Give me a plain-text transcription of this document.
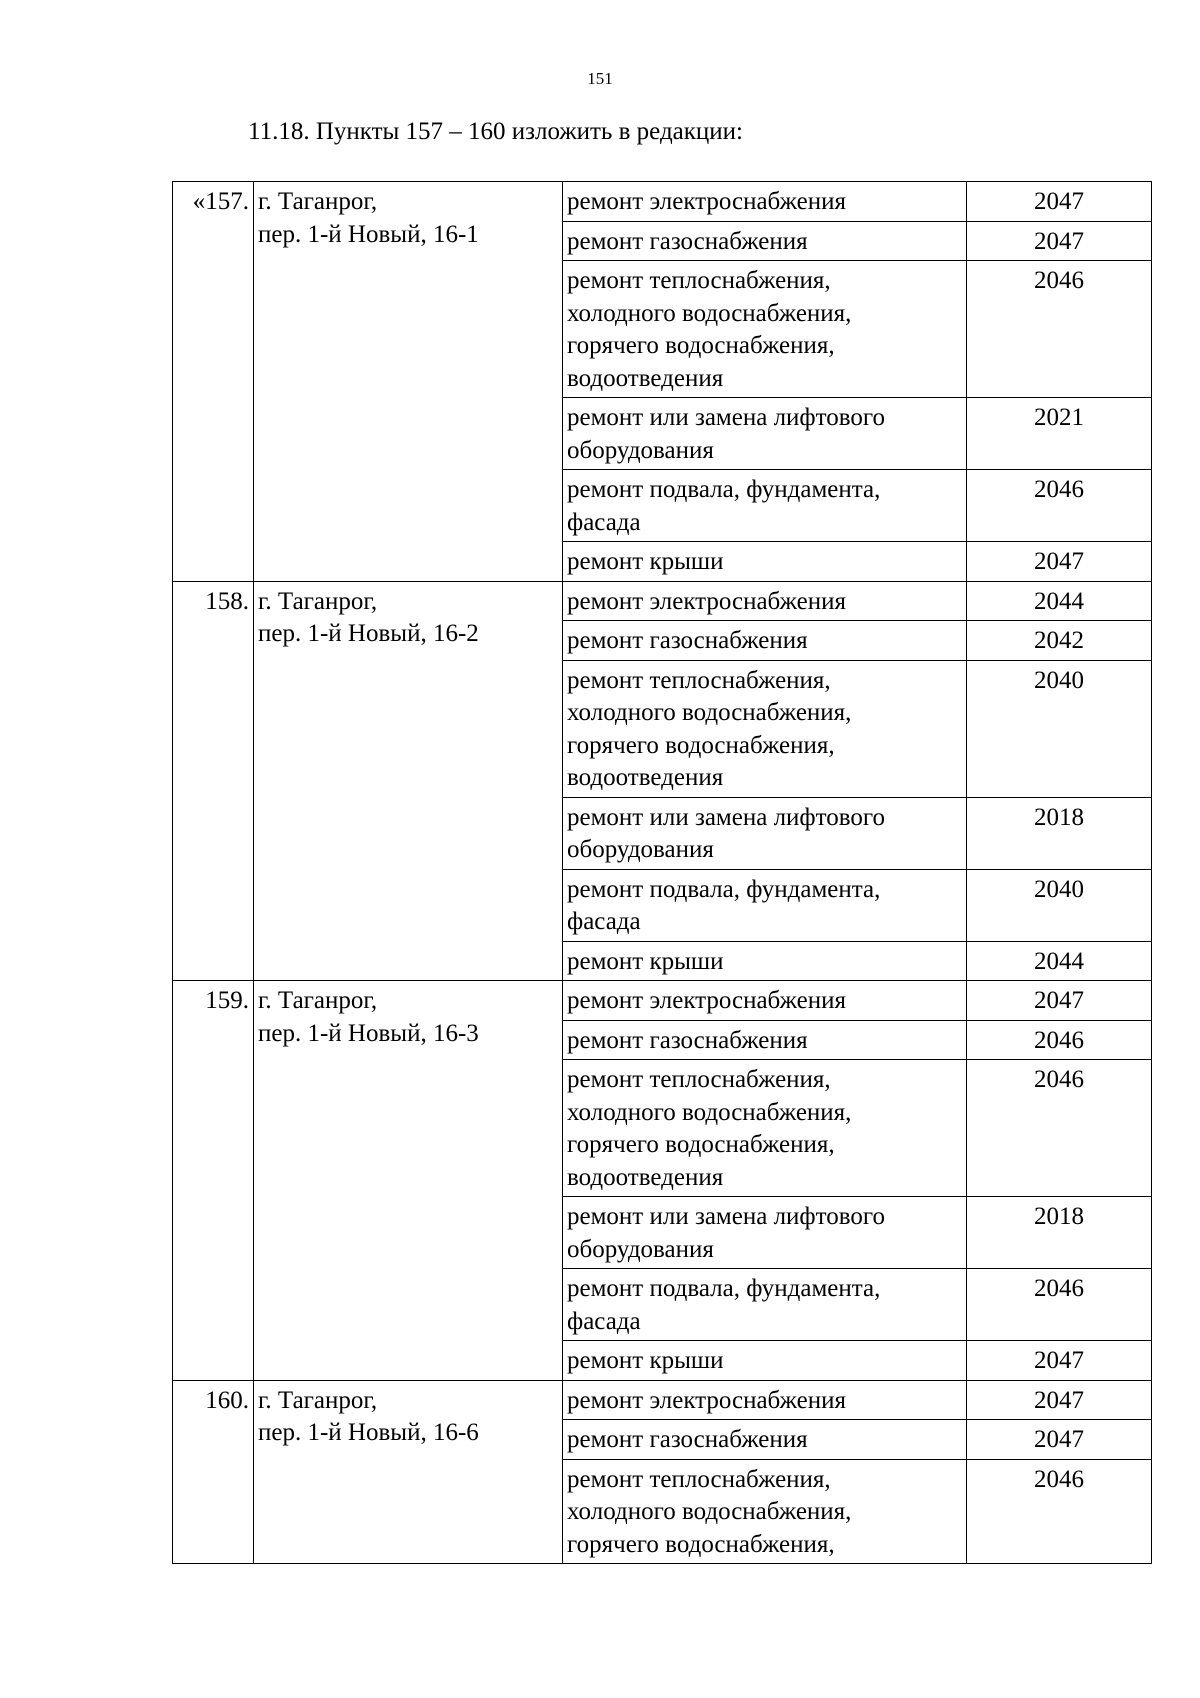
151
11.18. Пункты 157 – 160 изложить в редакции:
«157.	г. Таганрог,
пер. 1-й Новый, 16-1	ремонт электроснабжения	2047

		ремонт газоснабжения	2047

		ремонт теплоснабжения,
холодного водоснабжения,
горячего водоснабжения,
водоотведения	2046

		ремонт или замена лифтового
оборудования	2021

		ремонт подвала, фундамента,
фасада	2046

		ремонт крыши	2047
158.	г. Таганрог,
пер. 1-й Новый, 16-2	ремонт электроснабжения	2044

		ремонт газоснабжения	2042

		ремонт теплоснабжения,
холодного водоснабжения,
горячего водоснабжения,
водоотведения	2040

		ремонт или замена лифтового
оборудования	2018

		ремонт подвала, фундамента,
фасада	2040

		ремонт крыши	2044
159.	г. Таганрог,
пер. 1-й Новый, 16-3	ремонт электроснабжения	2047

		ремонт газоснабжения	2046

		ремонт теплоснабжения,
холодного водоснабжения,
горячего водоснабжения,
водоотведения	2046

		ремонт или замена лифтового
оборудования	2018

		ремонт подвала, фундамента,
фасада	2046

		ремонт крыши	2047
160.	г. Таганрог,
пер. 1-й Новый, 16-6	ремонт электроснабжения	2047

		ремонт газоснабжения	2047

		ремонт теплоснабжения,
холодного водоснабжения,
горячего водоснабжения,	2046
